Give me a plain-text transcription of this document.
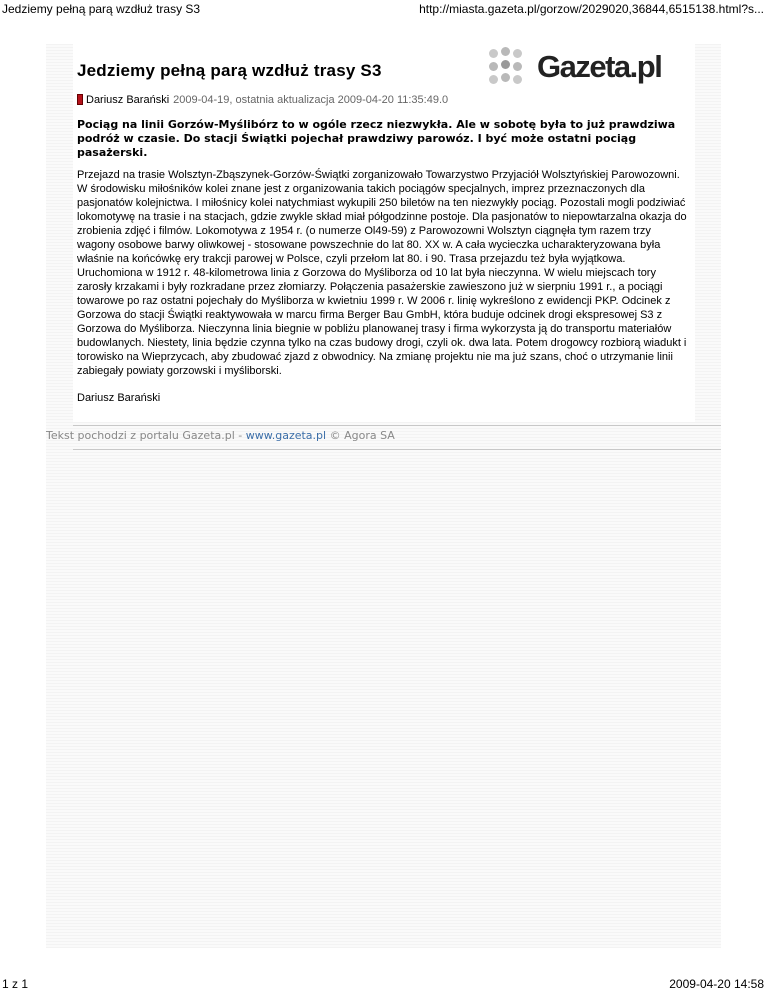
Jedziemy pełną parą wzdłuż trasy S3	http://miasta.gazeta.pl/gorzow/2029020,36844,6515138.html?s...
Jedziemy pełną parą wzdłuż trasy S3	Gazeta.pl
Dariusz Barański 2009-04-19, ostatnia aktualizacja 2009-04-20 11:35:49.0

Pociąg na linii Gorzów-Myślibórz to w ogóle rzecz niezwykła. Ale w sobotę była to już prawdziwa podróż w czasie. Do stacji Świątki pojechał prawdziwy parowóz. I być może ostatni pociąg pasażerski.

Przejazd na trasie Wolsztyn-Zbąszynek-Gorzów-Świątki zorganizowało Towarzystwo Przyjaciół Wolsztyńskiej Parowozowni. W środowisku miłośników kolei znane jest z organizowania takich pociągów specjalnych, imprez przeznaczonych dla pasjonatów kolejnictwa. I miłośnicy kolei natychmiast wykupili 250 biletów na ten niezwykły pociąg. Pozostali mogli podziwiać lokomotywę na trasie i na stacjach, gdzie zwykle skład miał półgodzinne postoje. Dla pasjonatów to niepowtarzalna okazja do zrobienia zdjęć i filmów. Lokomotywa z 1954 r. (o numerze Ol49-59) z Parowozowni Wolsztyn ciągnęła tym razem trzy wagony osobowe barwy oliwkowej - stosowane powszechnie do lat 80. XX w. A cała wycieczka ucharakteryzowana była właśnie na końcówkę ery trakcji parowej w Polsce, czyli przełom lat 80. i 90. Trasa przejazdu też była wyjątkowa. Uruchomiona w 1912 r. 48-kilometrowa linia z Gorzowa do Myśliborza od 10 lat była nieczynna. W wielu miejscach tory zarosły krzakami i były rozkradane przez złomiarzy. Połączenia pasażerskie zawieszono już w sierpniu 1991 r., a pociągi towarowe po raz ostatni pojechały do Myśliborza w kwietniu 1999 r. W 2006 r. linię wykreślono z ewidencji PKP. Odcinek z Gorzowa do stacji Świątki reaktywowała w marcu firma Berger Bau GmbH, która buduje odcinek drogi ekspresowej S3 z Gorzowa do Myśliborza. Nieczynna linia biegnie w pobliżu planowanej trasy i firma wykorzysta ją do transportu materiałów budowlanych. Niestety, linia będzie czynna tylko na czas budowy drogi, czyli ok. dwa lata. Potem drogowcy rozbiorą wiadukt i torowisko na Wieprzycach, aby zbudować zjazd z obwodnicy. Na zmianę projektu nie ma już szans, choć o utrzymanie linii zabiegały powiaty gorzowski i myśliborski.

Dariusz Barański
Tekst pochodzi z portalu Gazeta.pl - www.gazeta.pl © Agora SA
1 z 1	2009-04-20 14:58
